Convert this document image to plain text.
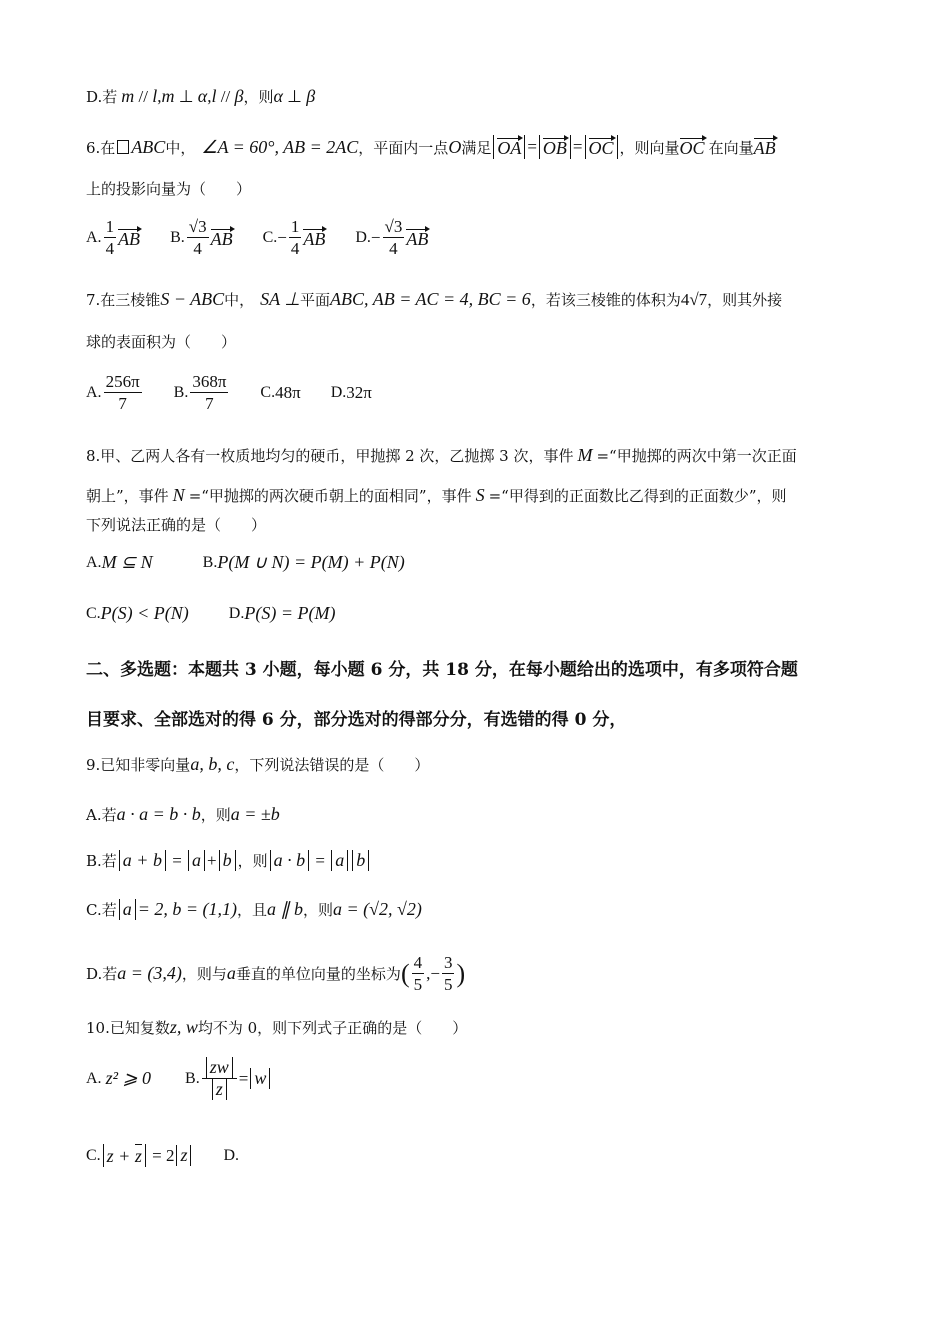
D.若 m // l , m ⊥ α , l // β ，则 α ⊥ β
6.在 ABC 中， ∠A = 60°, AB = 2AC ，平面内一点 O 满足 OA = OB = OC ，则向量 OC 在向量 AB
上的投影向量为（　　）
A. $\frac{1}{4}$ AB B. $\frac{√3}{4}$ AB C. − $\frac{1}{4}$ AB D. − $\frac{√3}{4}$ AB
7.在三棱锥 S − ABC 中， SA ⊥ 平面 ABC, AB = AC = 4, BC = 6 ，若该三棱锥的体积为 4√7 ，则其外接
球的表面积为（　　）
A. $\frac{256\pi}{7} B$. $\frac{368\pi}{7} C$. 48π D. 32π
8.甲、乙两人各有一枚质地均匀的硬币，甲抛掷 2 次，乙抛掷 3 次，事件 M =“甲抛掷的两次中第一次正面
朝上”，事件 N =“甲抛掷的两次硬币朝上的面相同”，事件 S =“甲得到的正面数比乙得到的正面数少”，则
下列说法正确的是（　　）
A. M ⊆ N	B. P(M ∪ N) = P(M) + P(N)
C. P(S) < P(N)	D. P(S) = P(M)
二、多选题：本题共 3 小题，每小题 6 分，共 18 分，在每小题给出的选项中，有多项符合题
目要求、全部选对的得 6 分，部分选对的得部分分，有选错的得 0 分，
9.已知非零向量 a, b, c ，下列说法错误的是（　　）
A.若 a · a = b · b ，则 a = ±b
B.若 a + b = a + b ，则 a · b = a b
C.若 a = 2, b = (1,1) ，且 a ∥ b ，则 a = (√2, √2)
D.若 a = (3,4) ，则与 a 垂直的单位向量的坐标为 ( $\frac{4}{5}$ ,− $\frac{3}{5}$ )
10.已知复数 z, w 均不为 0，则下列式子正确的是（　　）
A. z² ⩾ 0 B. $\frac{zw}{z} = w$
C. z + z = 2 z D.
